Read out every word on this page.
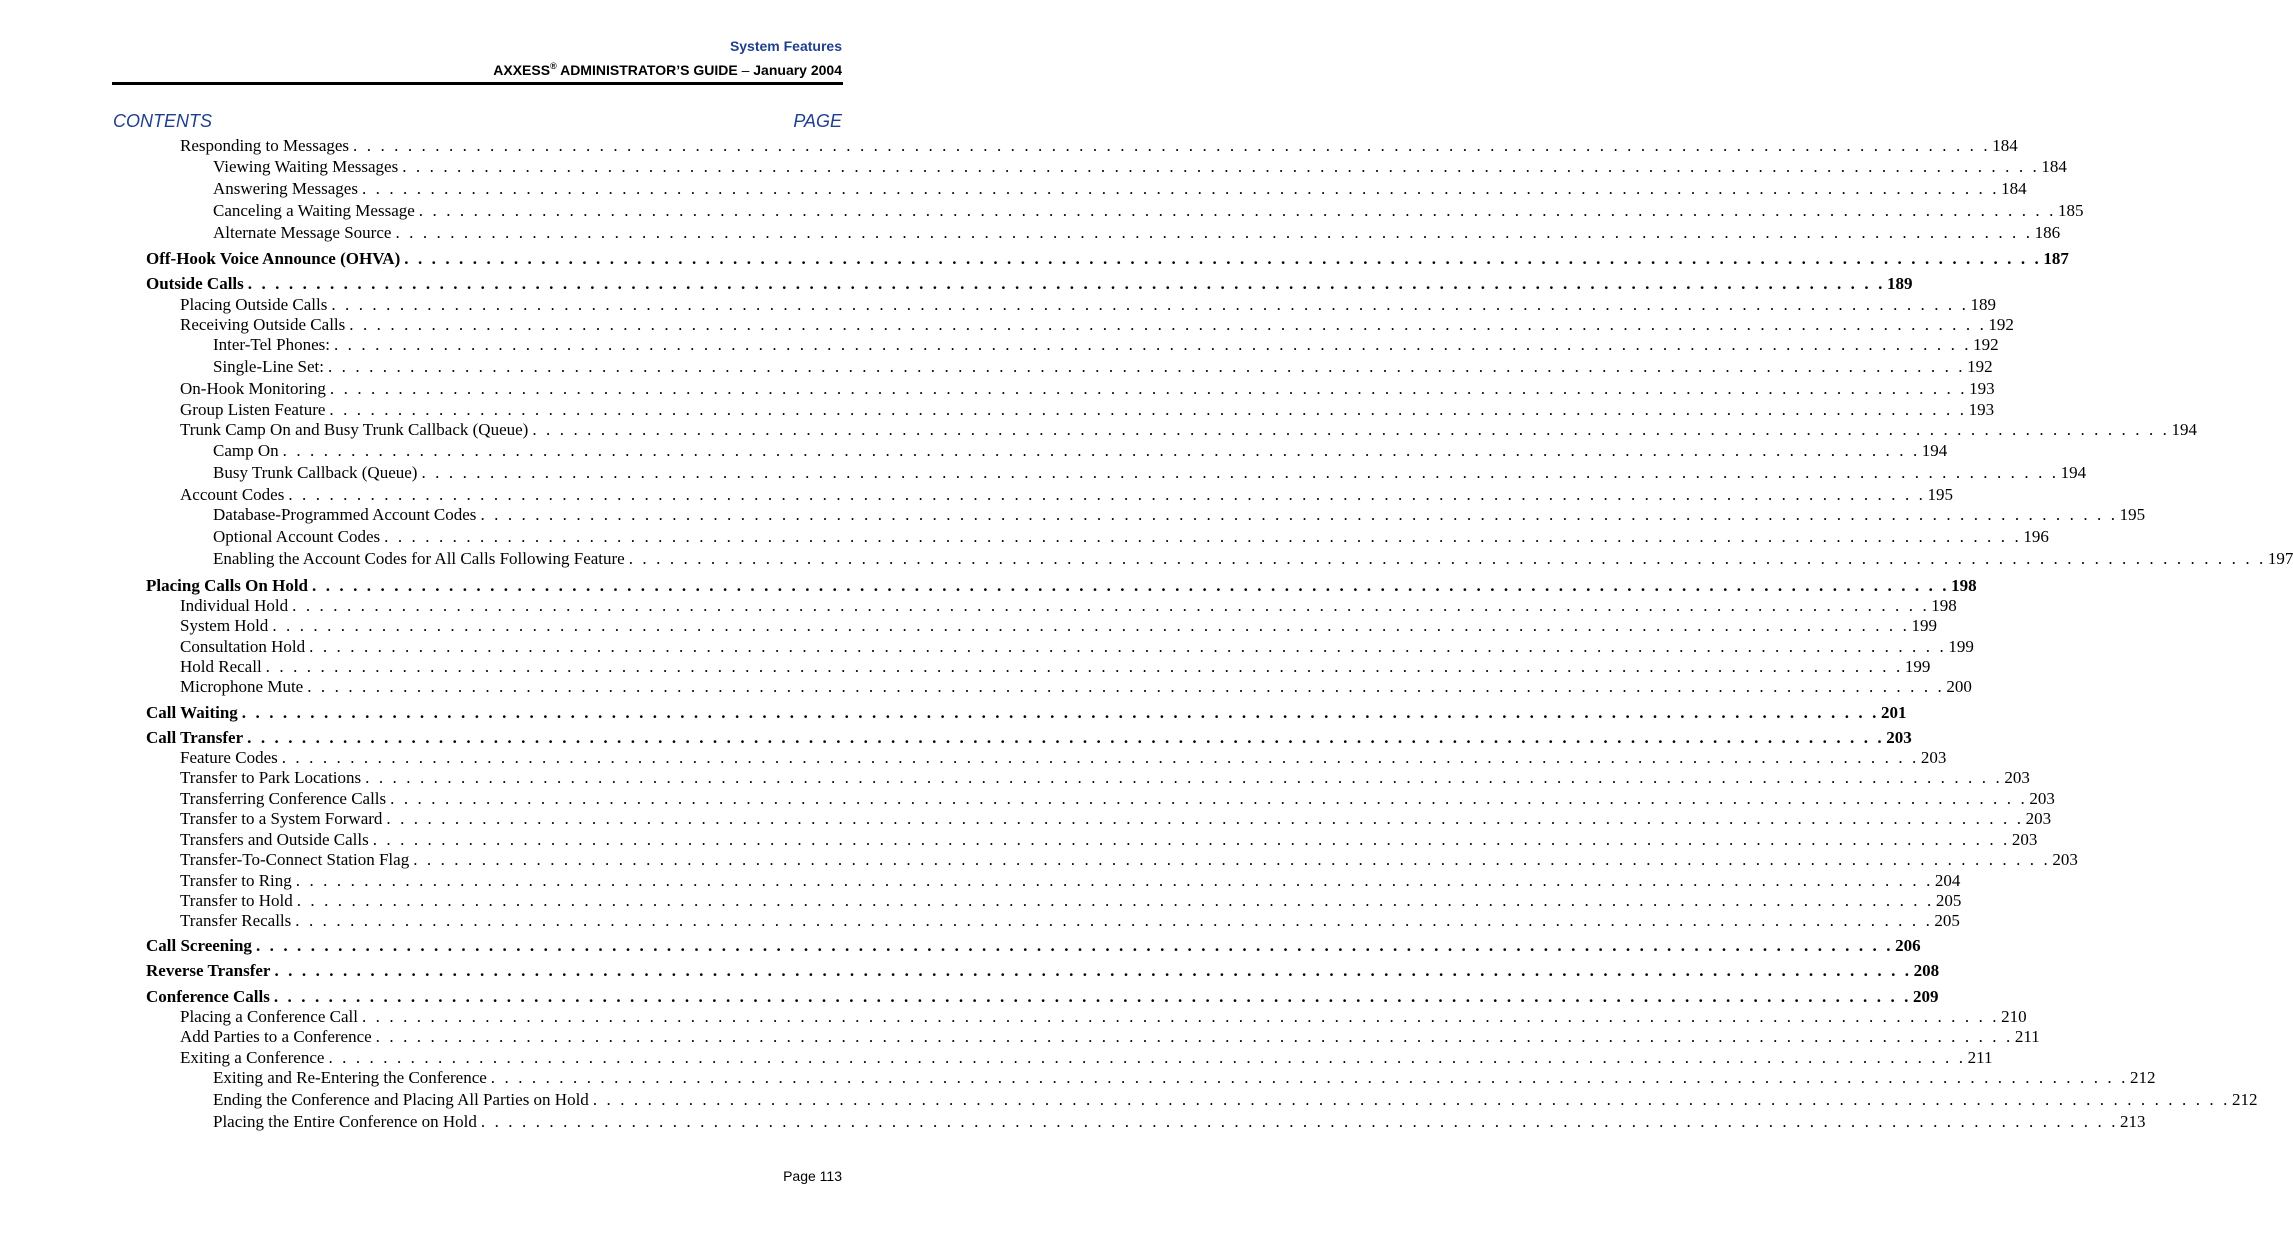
System Features
AXXESS® ADMINISTRATOR’S GUIDE – January 2004
CONTENTS	PAGE
Responding to Messages . . . . . . . . . . . . . . . . . . . . . . . . . . . . . . . . . . . . . . . . . . . . . . . . . . . . . . . . . . . . . . . . . . . . . . . . . . . . . . . . . . . . . . . . . . . . . . . . . . . . . . . . . . . . . . . . . . . . . . . . 184
Viewing Waiting Messages . . . . . . . . . . . . . . . . . . . . . . . . . . . . . . . . . . . . . . . . . . . . . . . . . . . . . . . . . . . . . . . . . . . . . . . . . . . . . . . . . . . . . . . . . . . . . . . . . . . . . . . . . . . . . . . . . . . . . . . . 184
Answering Messages . . . . . . . . . . . . . . . . . . . . . . . . . . . . . . . . . . . . . . . . . . . . . . . . . . . . . . . . . . . . . . . . . . . . . . . . . . . . . . . . . . . . . . . . . . . . . . . . . . . . . . . . . . . . . . . . . . . . . . . . 184
Canceling a Waiting Message . . . . . . . . . . . . . . . . . . . . . . . . . . . . . . . . . . . . . . . . . . . . . . . . . . . . . . . . . . . . . . . . . . . . . . . . . . . . . . . . . . . . . . . . . . . . . . . . . . . . . . . . . . . . . . . . . . . . . . . . 185
Alternate Message Source . . . . . . . . . . . . . . . . . . . . . . . . . . . . . . . . . . . . . . . . . . . . . . . . . . . . . . . . . . . . . . . . . . . . . . . . . . . . . . . . . . . . . . . . . . . . . . . . . . . . . . . . . . . . . . . . . . . . . . . . 186
Off-Hook Voice Announce (OHVA) . . . . . . . . . . . . . . . . . . . . . . . . . . . . . . . . . . . . . . . . . . . . . . . . . . . . . . . . . . . . . . . . . . . . . . . . . . . . . . . . . . . . . . . . . . . . . . . . . . . . . . . . . . . . . . . . . . . . . . . . 187
Outside Calls . . . . . . . . . . . . . . . . . . . . . . . . . . . . . . . . . . . . . . . . . . . . . . . . . . . . . . . . . . . . . . . . . . . . . . . . . . . . . . . . . . . . . . . . . . . . . . . . . . . . . . . . . . . . . . . . . . . . . . . . 189
Placing Outside Calls . . . . . . . . . . . . . . . . . . . . . . . . . . . . . . . . . . . . . . . . . . . . . . . . . . . . . . . . . . . . . . . . . . . . . . . . . . . . . . . . . . . . . . . . . . . . . . . . . . . . . . . . . . . . . . . . . . . . . . . . 189
Receiving Outside Calls . . . . . . . . . . . . . . . . . . . . . . . . . . . . . . . . . . . . . . . . . . . . . . . . . . . . . . . . . . . . . . . . . . . . . . . . . . . . . . . . . . . . . . . . . . . . . . . . . . . . . . . . . . . . . . . . . . . . . . . . 192
Inter-Tel Phones: . . . . . . . . . . . . . . . . . . . . . . . . . . . . . . . . . . . . . . . . . . . . . . . . . . . . . . . . . . . . . . . . . . . . . . . . . . . . . . . . . . . . . . . . . . . . . . . . . . . . . . . . . . . . . . . . . . . . . . . . 192
Single-Line Set: . . . . . . . . . . . . . . . . . . . . . . . . . . . . . . . . . . . . . . . . . . . . . . . . . . . . . . . . . . . . . . . . . . . . . . . . . . . . . . . . . . . . . . . . . . . . . . . . . . . . . . . . . . . . . . . . . . . . . . . . 192
On-Hook Monitoring . . . . . . . . . . . . . . . . . . . . . . . . . . . . . . . . . . . . . . . . . . . . . . . . . . . . . . . . . . . . . . . . . . . . . . . . . . . . . . . . . . . . . . . . . . . . . . . . . . . . . . . . . . . . . . . . . . . . . . . . 193
Group Listen Feature . . . . . . . . . . . . . . . . . . . . . . . . . . . . . . . . . . . . . . . . . . . . . . . . . . . . . . . . . . . . . . . . . . . . . . . . . . . . . . . . . . . . . . . . . . . . . . . . . . . . . . . . . . . . . . . . . . . . . . . . 193
Trunk Camp On and Busy Trunk Callback (Queue) . . . . . . . . . . . . . . . . . . . . . . . . . . . . . . . . . . . . . . . . . . . . . . . . . . . . . . . . . . . . . . . . . . . . . . . . . . . . . . . . . . . . . . . . . . . . . . . . . . . . . . . . . . . . . . . . . . . . . . . . 194
Camp On . . . . . . . . . . . . . . . . . . . . . . . . . . . . . . . . . . . . . . . . . . . . . . . . . . . . . . . . . . . . . . . . . . . . . . . . . . . . . . . . . . . . . . . . . . . . . . . . . . . . . . . . . . . . . . . . . . . . . . . . 194
Busy Trunk Callback (Queue) . . . . . . . . . . . . . . . . . . . . . . . . . . . . . . . . . . . . . . . . . . . . . . . . . . . . . . . . . . . . . . . . . . . . . . . . . . . . . . . . . . . . . . . . . . . . . . . . . . . . . . . . . . . . . . . . . . . . . . . . 194
Account Codes . . . . . . . . . . . . . . . . . . . . . . . . . . . . . . . . . . . . . . . . . . . . . . . . . . . . . . . . . . . . . . . . . . . . . . . . . . . . . . . . . . . . . . . . . . . . . . . . . . . . . . . . . . . . . . . . . . . . . . . . 195
Database-Programmed Account Codes . . . . . . . . . . . . . . . . . . . . . . . . . . . . . . . . . . . . . . . . . . . . . . . . . . . . . . . . . . . . . . . . . . . . . . . . . . . . . . . . . . . . . . . . . . . . . . . . . . . . . . . . . . . . . . . . . . . . . . . . 195
Optional Account Codes . . . . . . . . . . . . . . . . . . . . . . . . . . . . . . . . . . . . . . . . . . . . . . . . . . . . . . . . . . . . . . . . . . . . . . . . . . . . . . . . . . . . . . . . . . . . . . . . . . . . . . . . . . . . . . . . . . . . . . . . 196
Enabling the Account Codes for All Calls Following Feature . . . . . . . . . . . . . . . . . . . . . . . . . . . . . . . . . . . . . . . . . . . . . . . . . . . . . . . . . . . . . . . . . . . . . . . . . . . . . . . . . . . . . . . . . . . . . . . . . . . . . . . . . . . . . . . . . . . . . . . . 197
Placing Calls On Hold . . . . . . . . . . . . . . . . . . . . . . . . . . . . . . . . . . . . . . . . . . . . . . . . . . . . . . . . . . . . . . . . . . . . . . . . . . . . . . . . . . . . . . . . . . . . . . . . . . . . . . . . . . . . . . . . . . . . . . . . 198
Individual Hold . . . . . . . . . . . . . . . . . . . . . . . . . . . . . . . . . . . . . . . . . . . . . . . . . . . . . . . . . . . . . . . . . . . . . . . . . . . . . . . . . . . . . . . . . . . . . . . . . . . . . . . . . . . . . . . . . . . . . . . . 198
System Hold . . . . . . . . . . . . . . . . . . . . . . . . . . . . . . . . . . . . . . . . . . . . . . . . . . . . . . . . . . . . . . . . . . . . . . . . . . . . . . . . . . . . . . . . . . . . . . . . . . . . . . . . . . . . . . . . . . . . . . . . 199
Consultation Hold . . . . . . . . . . . . . . . . . . . . . . . . . . . . . . . . . . . . . . . . . . . . . . . . . . . . . . . . . . . . . . . . . . . . . . . . . . . . . . . . . . . . . . . . . . . . . . . . . . . . . . . . . . . . . . . . . . . . . . . . 199
Hold Recall . . . . . . . . . . . . . . . . . . . . . . . . . . . . . . . . . . . . . . . . . . . . . . . . . . . . . . . . . . . . . . . . . . . . . . . . . . . . . . . . . . . . . . . . . . . . . . . . . . . . . . . . . . . . . . . . . . . . . . . . 199
Microphone Mute . . . . . . . . . . . . . . . . . . . . . . . . . . . . . . . . . . . . . . . . . . . . . . . . . . . . . . . . . . . . . . . . . . . . . . . . . . . . . . . . . . . . . . . . . . . . . . . . . . . . . . . . . . . . . . . . . . . . . . . . 200
Call Waiting . . . . . . . . . . . . . . . . . . . . . . . . . . . . . . . . . . . . . . . . . . . . . . . . . . . . . . . . . . . . . . . . . . . . . . . . . . . . . . . . . . . . . . . . . . . . . . . . . . . . . . . . . . . . . . . . . . . . . . . . 201
Call Transfer . . . . . . . . . . . . . . . . . . . . . . . . . . . . . . . . . . . . . . . . . . . . . . . . . . . . . . . . . . . . . . . . . . . . . . . . . . . . . . . . . . . . . . . . . . . . . . . . . . . . . . . . . . . . . . . . . . . . . . . . 203
Feature Codes . . . . . . . . . . . . . . . . . . . . . . . . . . . . . . . . . . . . . . . . . . . . . . . . . . . . . . . . . . . . . . . . . . . . . . . . . . . . . . . . . . . . . . . . . . . . . . . . . . . . . . . . . . . . . . . . . . . . . . . . 203
Transfer to Park Locations . . . . . . . . . . . . . . . . . . . . . . . . . . . . . . . . . . . . . . . . . . . . . . . . . . . . . . . . . . . . . . . . . . . . . . . . . . . . . . . . . . . . . . . . . . . . . . . . . . . . . . . . . . . . . . . . . . . . . . . . 203
Transferring Conference Calls . . . . . . . . . . . . . . . . . . . . . . . . . . . . . . . . . . . . . . . . . . . . . . . . . . . . . . . . . . . . . . . . . . . . . . . . . . . . . . . . . . . . . . . . . . . . . . . . . . . . . . . . . . . . . . . . . . . . . . . . 203
Transfer to a System Forward . . . . . . . . . . . . . . . . . . . . . . . . . . . . . . . . . . . . . . . . . . . . . . . . . . . . . . . . . . . . . . . . . . . . . . . . . . . . . . . . . . . . . . . . . . . . . . . . . . . . . . . . . . . . . . . . . . . . . . . . 203
Transfers and Outside Calls . . . . . . . . . . . . . . . . . . . . . . . . . . . . . . . . . . . . . . . . . . . . . . . . . . . . . . . . . . . . . . . . . . . . . . . . . . . . . . . . . . . . . . . . . . . . . . . . . . . . . . . . . . . . . . . . . . . . . . . . 203
Transfer-To-Connect Station Flag . . . . . . . . . . . . . . . . . . . . . . . . . . . . . . . . . . . . . . . . . . . . . . . . . . . . . . . . . . . . . . . . . . . . . . . . . . . . . . . . . . . . . . . . . . . . . . . . . . . . . . . . . . . . . . . . . . . . . . . . 203
Transfer to Ring . . . . . . . . . . . . . . . . . . . . . . . . . . . . . . . . . . . . . . . . . . . . . . . . . . . . . . . . . . . . . . . . . . . . . . . . . . . . . . . . . . . . . . . . . . . . . . . . . . . . . . . . . . . . . . . . . . . . . . . . 204
Transfer to Hold . . . . . . . . . . . . . . . . . . . . . . . . . . . . . . . . . . . . . . . . . . . . . . . . . . . . . . . . . . . . . . . . . . . . . . . . . . . . . . . . . . . . . . . . . . . . . . . . . . . . . . . . . . . . . . . . . . . . . . . . 205
Transfer Recalls . . . . . . . . . . . . . . . . . . . . . . . . . . . . . . . . . . . . . . . . . . . . . . . . . . . . . . . . . . . . . . . . . . . . . . . . . . . . . . . . . . . . . . . . . . . . . . . . . . . . . . . . . . . . . . . . . . . . . . . . 205
Call Screening . . . . . . . . . . . . . . . . . . . . . . . . . . . . . . . . . . . . . . . . . . . . . . . . . . . . . . . . . . . . . . . . . . . . . . . . . . . . . . . . . . . . . . . . . . . . . . . . . . . . . . . . . . . . . . . . . . . . . . . . 206
Reverse Transfer . . . . . . . . . . . . . . . . . . . . . . . . . . . . . . . . . . . . . . . . . . . . . . . . . . . . . . . . . . . . . . . . . . . . . . . . . . . . . . . . . . . . . . . . . . . . . . . . . . . . . . . . . . . . . . . . . . . . . . . . 208
Conference Calls . . . . . . . . . . . . . . . . . . . . . . . . . . . . . . . . . . . . . . . . . . . . . . . . . . . . . . . . . . . . . . . . . . . . . . . . . . . . . . . . . . . . . . . . . . . . . . . . . . . . . . . . . . . . . . . . . . . . . . . . 209
Placing a Conference Call . . . . . . . . . . . . . . . . . . . . . . . . . . . . . . . . . . . . . . . . . . . . . . . . . . . . . . . . . . . . . . . . . . . . . . . . . . . . . . . . . . . . . . . . . . . . . . . . . . . . . . . . . . . . . . . . . . . . . . . . 210
Add Parties to a Conference . . . . . . . . . . . . . . . . . . . . . . . . . . . . . . . . . . . . . . . . . . . . . . . . . . . . . . . . . . . . . . . . . . . . . . . . . . . . . . . . . . . . . . . . . . . . . . . . . . . . . . . . . . . . . . . . . . . . . . . . 211
Exiting a Conference . . . . . . . . . . . . . . . . . . . . . . . . . . . . . . . . . . . . . . . . . . . . . . . . . . . . . . . . . . . . . . . . . . . . . . . . . . . . . . . . . . . . . . . . . . . . . . . . . . . . . . . . . . . . . . . . . . . . . . . . 211
Exiting and Re-Entering the Conference . . . . . . . . . . . . . . . . . . . . . . . . . . . . . . . . . . . . . . . . . . . . . . . . . . . . . . . . . . . . . . . . . . . . . . . . . . . . . . . . . . . . . . . . . . . . . . . . . . . . . . . . . . . . . . . . . . . . . . . . 212
Ending the Conference and Placing All Parties on Hold . . . . . . . . . . . . . . . . . . . . . . . . . . . . . . . . . . . . . . . . . . . . . . . . . . . . . . . . . . . . . . . . . . . . . . . . . . . . . . . . . . . . . . . . . . . . . . . . . . . . . . . . . . . . . . . . . . . . . . . . 212
Placing the Entire Conference on Hold . . . . . . . . . . . . . . . . . . . . . . . . . . . . . . . . . . . . . . . . . . . . . . . . . . . . . . . . . . . . . . . . . . . . . . . . . . . . . . . . . . . . . . . . . . . . . . . . . . . . . . . . . . . . . . . . . . . . . . . . 213
Page 113
